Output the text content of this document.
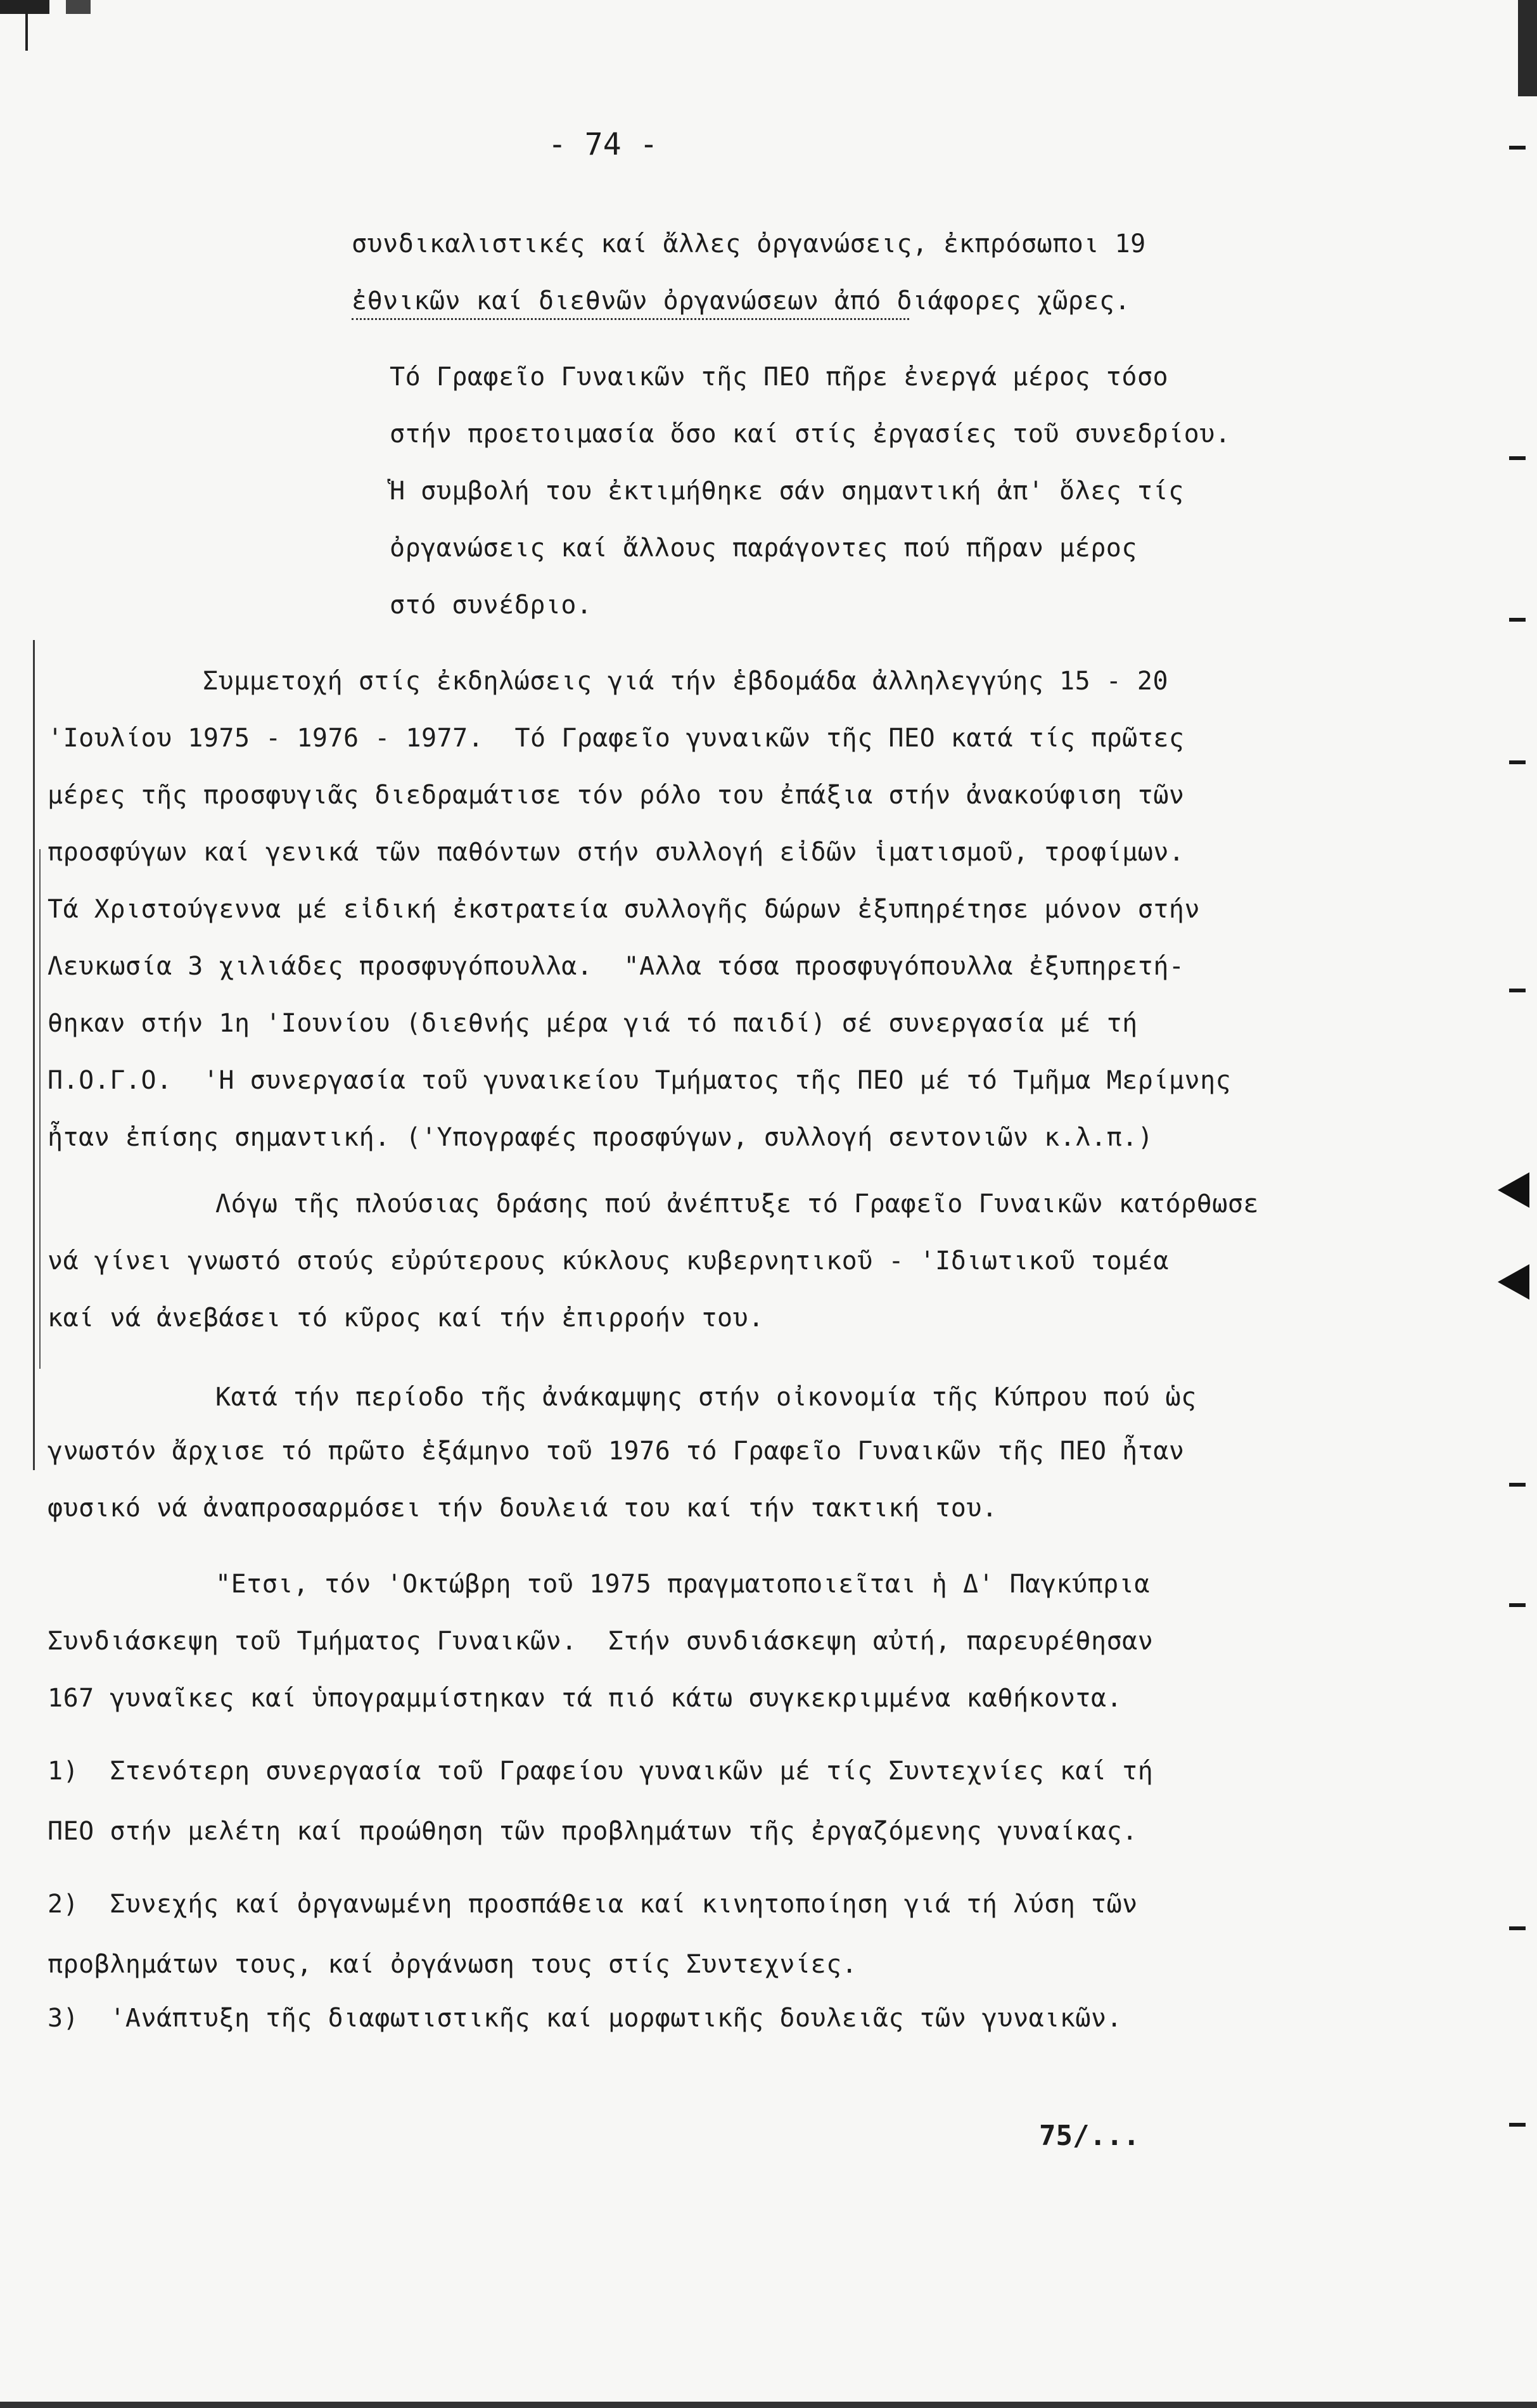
- 74 -
συνδικαλιστικές καί ἄλλες ὀργανώσεις, ἐκπρόσωποι 19
ἐθνικῶν καί διεθνῶν ὀργανώσεων ἀπό διάφορες χῶρες.
Τό Γραφεῖο Γυναικῶν τῆς ΠΕΟ πῆρε ἐνεργά μέρος τόσο
στήν προετοιμασία ὅσο καί στίς ἐργασίες τοῦ συνεδρίου.
Ἡ συμβολή του ἐκτιμήθηκε σάν σημαντική ἀπ' ὅλες τίς
ὀργανώσεις καί ἄλλους παράγοντες πού πῆραν μέρος
στό συνέδριο.
Συμμετοχή στίς ἐκδηλώσεις γιά τήν ἑβδομάδα ἀλληλεγγύης 15 - 20
'Ιουλίου 1975 - 1976 - 1977.  Τό Γραφεῖο γυναικῶν τῆς ΠΕΟ κατά τίς πρῶτες
μέρες τῆς προσφυγιᾶς διεδραμάτισε τόν ρόλο του ἐπάξια στήν ἀνακούφιση τῶν
προσφύγων καί γενικά τῶν παθόντων στήν συλλογή εἰδῶν ἱματισμοῦ, τροφίμων.
Τά Χριστούγεννα μέ εἰδική ἐκστρατεία συλλογῆς δώρων ἐξυπηρέτησε μόνον στήν
Λευκωσία 3 χιλιάδες προσφυγόπουλλα.  "Αλλα τόσα προσφυγόπουλλα ἐξυπηρετή-
θηκαν στήν 1η 'Ιουνίου (διεθνής μέρα γιά τό παιδί) σέ συνεργασία μέ τή
Π.Ο.Γ.Ο.  'Η συνεργασία τοῦ γυναικείου Τμήματος τῆς ΠΕΟ μέ τό Τμῆμα Μερίμνης
ἦταν ἐπίσης σημαντική. ('Υπογραφές προσφύγων, συλλογή σεντονιῶν κ.λ.π.)
Λόγω τῆς πλούσιας δράσης πού ἀνέπτυξε τό Γραφεῖο Γυναικῶν κατόρθωσε
νά γίνει γνωστό στούς εὐρύτερους κύκλους κυβερνητικοῦ - 'Ιδιωτικοῦ τομέα
καί νά ἀνεβάσει τό κῦρος καί τήν ἐπιρροήν του.
Κατά τήν περίοδο τῆς ἀνάκαμψης στήν οἰκονομία τῆς Κύπρου πού ὡς
γνωστόν ἄρχισε τό πρῶτο ἑξάμηνο τοῦ 1976 τό Γραφεῖο Γυναικῶν τῆς ΠΕΟ ἦταν
φυσικό νά ἀναπροσαρμόσει τήν δουλειά του καί τήν τακτική του.
"Ετσι, τόν 'Οκτώβρη τοῦ 1975 πραγματοποιεῖται ἡ Δ' Παγκύπρια
Συνδιάσκεψη τοῦ Τμήματος Γυναικῶν.  Στήν συνδιάσκεψη αὐτή, παρευρέθησαν
167 γυναῖκες καί ὑπογραμμίστηκαν τά πιό κάτω συγκεκριμμένα καθήκοντα.
1)  Στενότερη συνεργασία τοῦ Γραφείου γυναικῶν μέ τίς Συντεχνίες καί τή
ΠΕΟ στήν μελέτη καί προώθηση τῶν προβλημάτων τῆς ἐργαζόμενης γυναίκας.
2)  Συνεχής καί ὀργανωμένη προσπάθεια καί κινητοποίηση γιά τή λύση τῶν
προβλημάτων τους, καί ὀργάνωση τους στίς Συντεχνίες.
3)  'Ανάπτυξη τῆς διαφωτιστικῆς καί μορφωτικῆς δουλειᾶς τῶν γυναικῶν.
75/...
